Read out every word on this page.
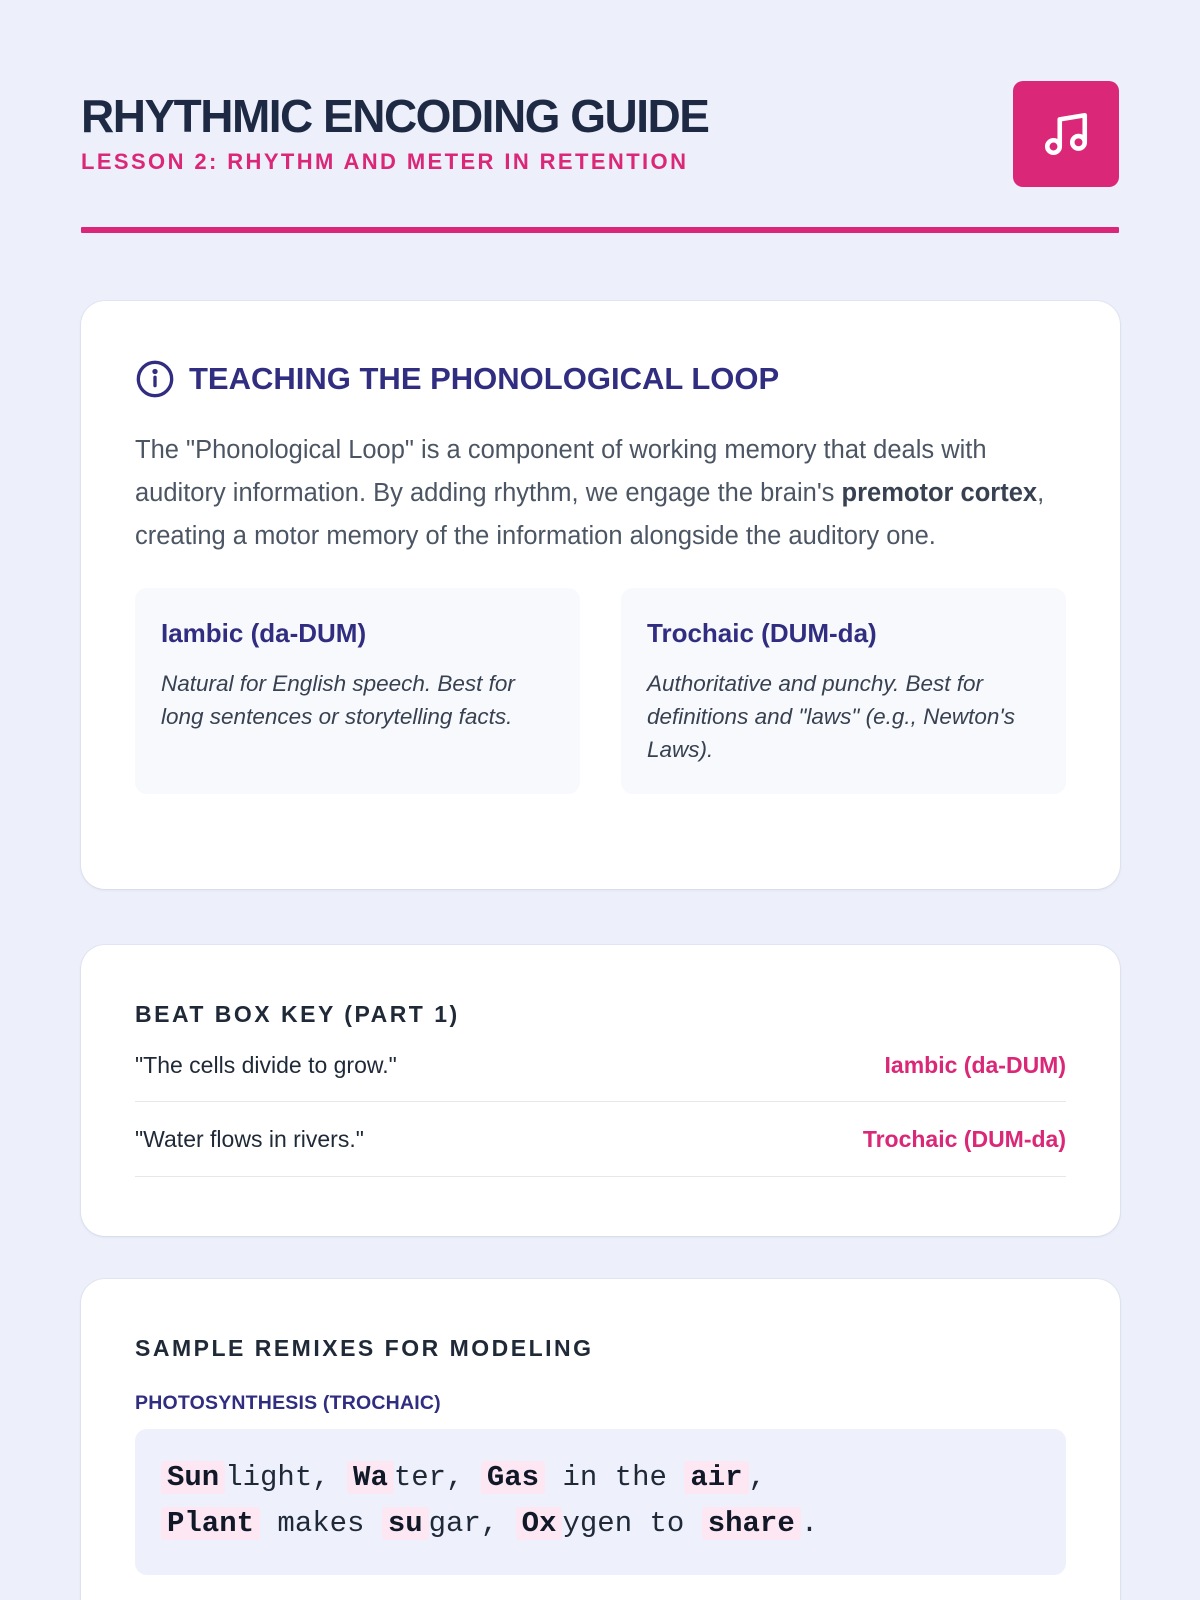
RHYTHMIC ENCODING GUIDE
LESSON 2: RHYTHM AND METER IN RETENTION
TEACHING THE PHONOLOGICAL LOOP

The "Phonological Loop" is a component of working memory that deals with auditory information. By adding rhythm, we engage the brain's premotor cortex, creating a motor memory of the information alongside the auditory one.

Iambic (da-DUM)
Natural for English speech. Best for long sentences or storytelling facts.
Trochaic (DUM-da)
Authoritative and punchy. Best for definitions and "laws" (e.g., Newton's Laws).
BEAT BOX KEY (PART 1)
"The cells divide to grow."	Iambic (da-DUM)
"Water flows in rivers."	Trochaic (DUM-da)
SAMPLE REMIXES FOR MODELING
PHOTOSYNTHESIS (TROCHAIC)
Sun light, Wa ter, Gas in the air ,
Plant makes su gar, Ox ygen to share .
